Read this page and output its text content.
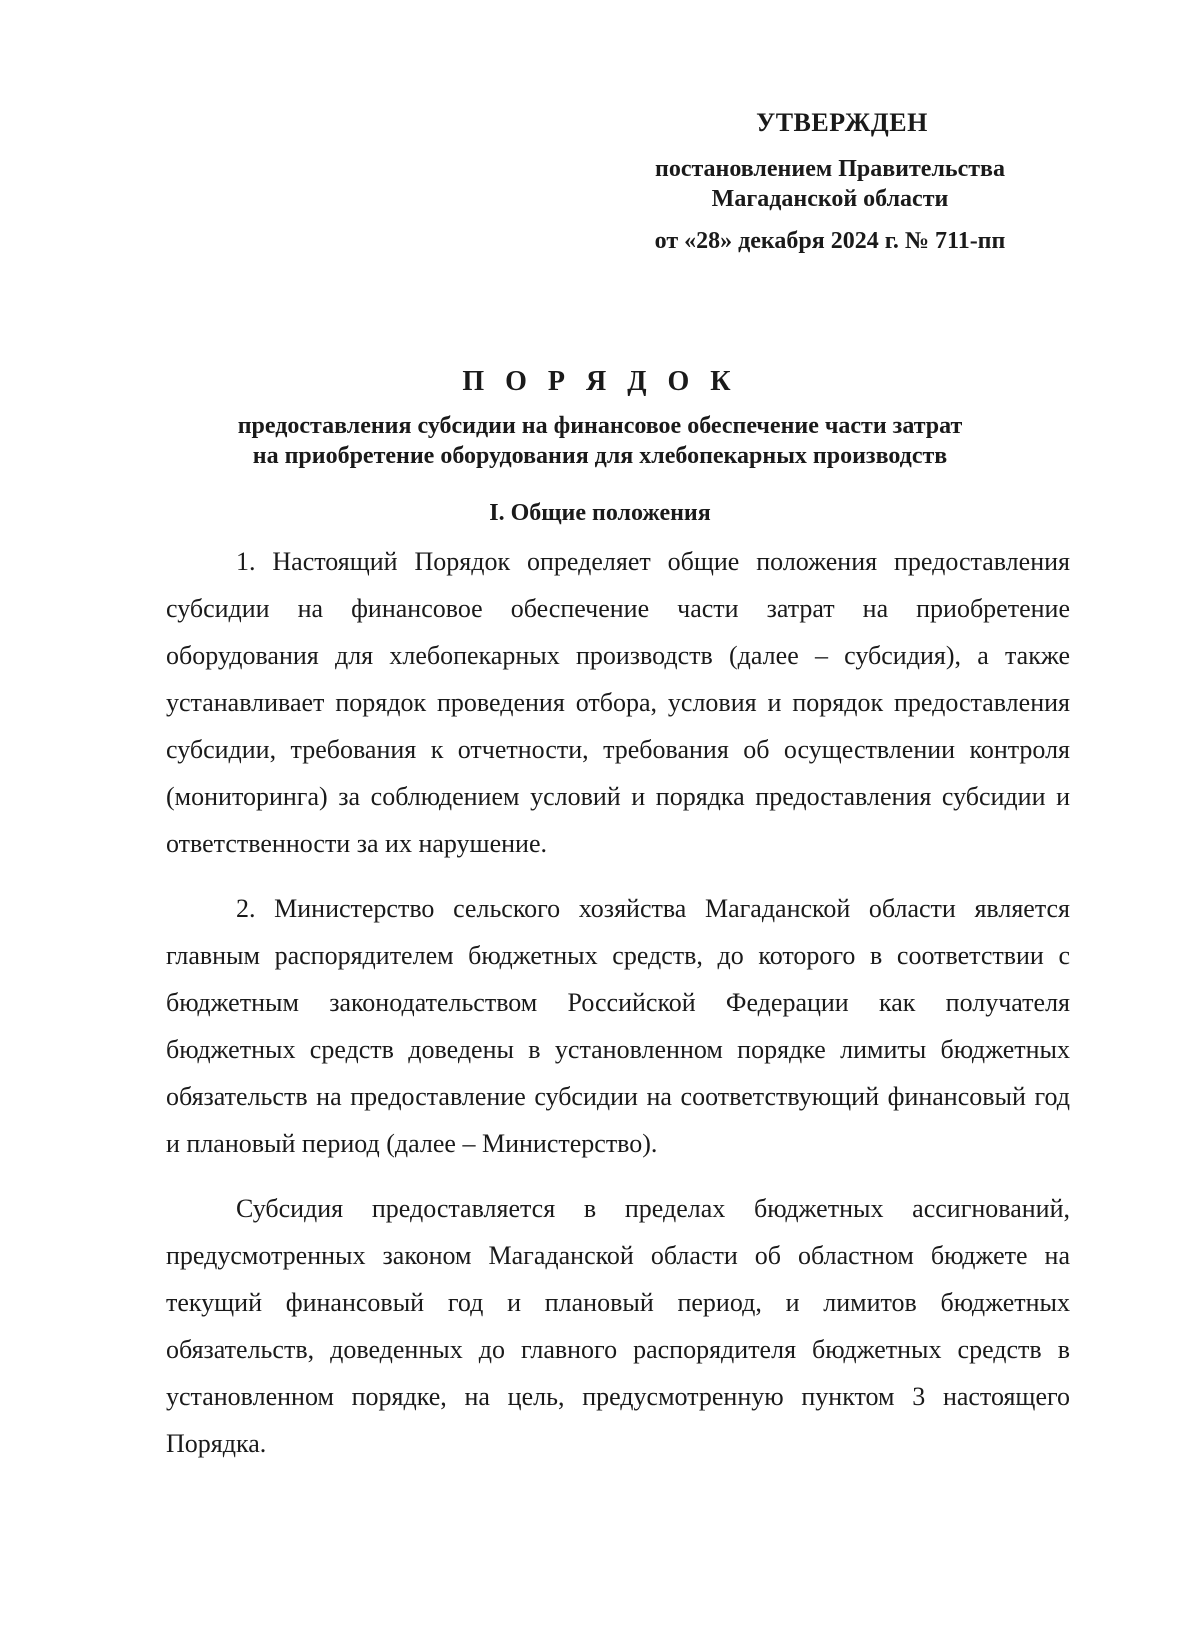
УТВЕРЖДЕН
постановлением Правительства
Магаданской области
от «28» декабря 2024 г. № 711-пп
П О Р Я Д О К
предоставления субсидии на финансовое обеспечение части затрат
на приобретение оборудования для хлебопекарных производств
I. Общие положения

1. Настоящий Порядок определяет общие положения предоставления субсидии на финансовое обеспечение части затрат на приобретение оборудования для хлебопекарных производств (далее – субсидия), а также устанавливает порядок проведения отбора, условия и порядок предоставления субсидии, требования к отчетности, требования об осуществлении контроля (мониторинга) за соблюдением условий и порядка предоставления субсидии и ответственности за их нарушение.

2. Министерство сельского хозяйства Магаданской области является главным распорядителем бюджетных средств, до которого в соответствии с бюджетным законодательством Российской Федерации как получателя бюджетных средств доведены в установленном порядке лимиты бюджетных обязательств на предоставление субсидии на соответствующий финансовый год и плановый период (далее – Министерство).

Субсидия предоставляется в пределах бюджетных ассигнований, предусмотренных законом Магаданской области об областном бюджете на текущий финансовый год и плановый период, и лимитов бюджетных обязательств, доведенных до главного распорядителя бюджетных средств в установленном порядке, на цель, предусмотренную пунктом 3 настоящего Порядка.
